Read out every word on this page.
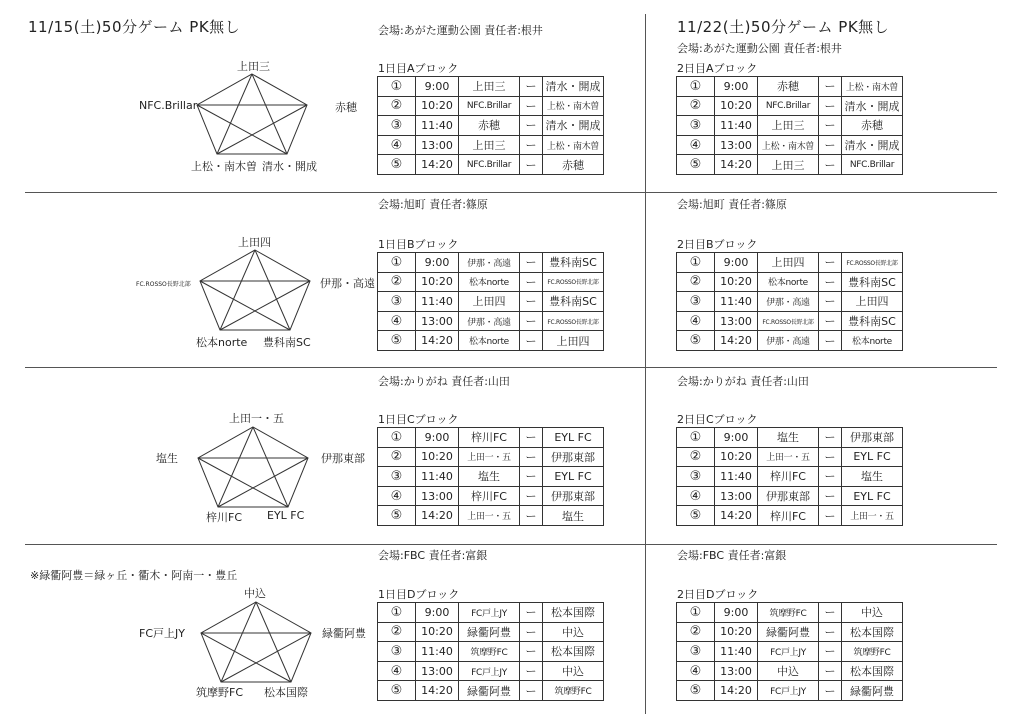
11/15(土)50分ゲーム PK無し	11/22(土)50分ゲーム PK無し
※緑衢阿豊＝緑ヶ丘・衢木・阿南一・豊丘
上田三
赤穂
清水・開成
上松・南木曽
NFC.Brillar
会場:あがた運動公園 責任者:根井
1日目Aブロック
①	9:00	上田三	ー	清水・開成
②	10:20	NFC.Brillar	ー	上松・南木曽
③	11:40	赤穂	ー	清水・開成
④	13:00	上田三	ー	上松・南木曽
⑤	14:20	NFC.Brillar	ー	赤穂
会場:あがた運動公園 責任者:根井
2日目Aブロック
①	9:00	赤穂	ー	上松・南木曽
②	10:20	NFC.Brillar	ー	清水・開成
③	11:40	上田三	ー	赤穂
④	13:00	上松・南木曽	ー	清水・開成
⑤	14:20	上田三	ー	NFC.Brillar
上田四
伊那・高遠
豊科南SC
松本norte
FC.ROSSO長野北部
会場:旭町 責任者:篠原
1日目Bブロック
①	9:00	伊那・高遠	ー	豊科南SC
②	10:20	松本norte	ー	FC.ROSSO長野北部
③	11:40	上田四	ー	豊科南SC
④	13:00	伊那・高遠	ー	FC.ROSSO長野北部
⑤	14:20	松本norte	ー	上田四
会場:旭町 責任者:篠原
2日目Bブロック
①	9:00	上田四	ー	FC.ROSSO長野北部
②	10:20	松本norte	ー	豊科南SC
③	11:40	伊那・高遠	ー	上田四
④	13:00	FC.ROSSO長野北部	ー	豊科南SC
⑤	14:20	伊那・高遠	ー	松本norte
上田一・五
伊那東部
EYL FC
梓川FC
塩生
会場:かりがね 責任者:山田
1日目Cブロック
①	9:00	梓川FC	ー	EYL FC
②	10:20	上田一・五	ー	伊那東部
③	11:40	塩生	ー	EYL FC
④	13:00	梓川FC	ー	伊那東部
⑤	14:20	上田一・五	ー	塩生
会場:かりがね 責任者:山田
2日目Cブロック
①	9:00	塩生	ー	伊那東部
②	10:20	上田一・五	ー	EYL FC
③	11:40	梓川FC	ー	塩生
④	13:00	伊那東部	ー	EYL FC
⑤	14:20	梓川FC	ー	上田一・五
中込
緑衢阿豊
松本国際
筑摩野FC
FC戸上JY
会場:FBC 責任者:富銀
1日目Dブロック
①	9:00	FC戸上JY	ー	松本国際
②	10:20	緑衢阿豊	ー	中込
③	11:40	筑摩野FC	ー	松本国際
④	13:00	FC戸上JY	ー	中込
⑤	14:20	緑衢阿豊	ー	筑摩野FC
会場:FBC 責任者:富銀
2日目Dブロック
①	9:00	筑摩野FC	ー	中込
②	10:20	緑衢阿豊	ー	松本国際
③	11:40	FC戸上JY	ー	筑摩野FC
④	13:00	中込	ー	松本国際
⑤	14:20	FC戸上JY	ー	緑衢阿豊
